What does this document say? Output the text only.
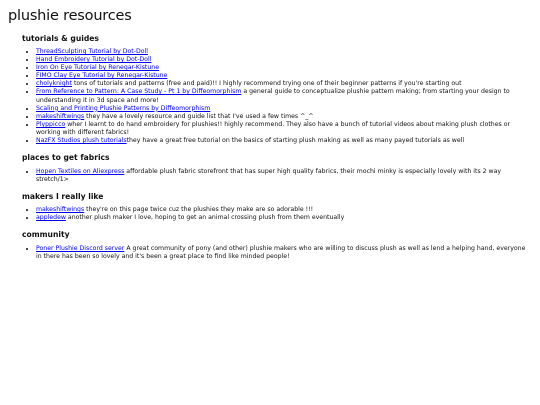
plushie resources
tutorials & guides
• ThreadSculpting Tutorial by Dot-Doll
• Hand Embroidery Tutorial by Dot-Doll
• Iron On Eye Tutorial by Renegar-Kistune
• FIMO Clay Eye Tutorial by Renegar-Kistune
• cholyknight tons of tutorials and patterns (free and paid)!! I highly recommend trying one of their beginner patterns if you're starting out
• From Reference to Pattern: A Case Study - Pt 1 by Diffeomorphism a general guide to conceptualize plushie pattern making; from starting your design to understanding it in 3d space and more!
• Scaling and Printing Plushie Patterns by Diffeomorphism
• makeshiftwings they have a lovely resource and guide list that I've used a few times ^_^
• Plyppicco wher I learnt to do hand embroidery for plushies!! highly recommend. They also have a bunch of tutorial videos about making plush clothes or working with different fabrics!
• NazFX Studios plush tutorialsthey have a great free tutorial on the basics of starting plush making as well as many payed tutorials as well
places to get fabrics
• Hopen Textiles on Aliexpress affordable plush fabric storefront that has super high quality fabrics, their mochi minky is especially lovely with its 2 way stretch/1>
makers I really like
• makeshiftwings they're on this page twice cuz the plushies they make are so adorable !!!
• appledew another plush maker I love, hoping to get an animal crossing plush from them eventually
community
• Poner Plushie Discord server A great community of pony (and other) plushie makers who are willing to discuss plush as well as lend a helping hand, everyone in there has been so lovely and it's been a great place to find like minded people!
